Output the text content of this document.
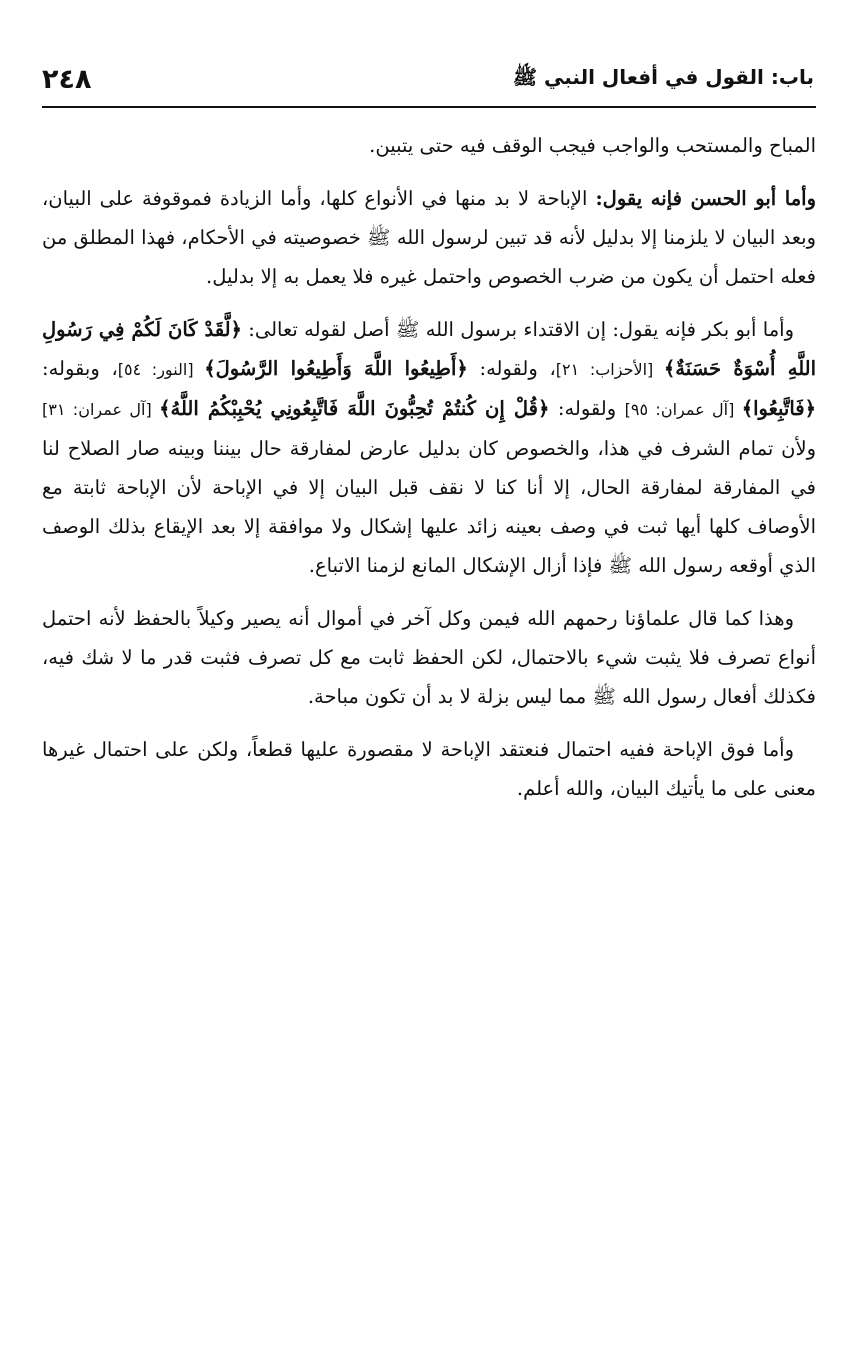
٢٤٨	باب: القول في أفعال النبي ﷺ

المباح والمستحب والواجب فيجب الوقف فيه حتى يتبين.

وأما أبو الحسن فإنه يقول: الإباحة لا بد منها في الأنواع كلها، وأما الزيادة فموقوفة على البيان، وبعد البيان لا يلزمنا إلا بدليل لأنه قد تبين لرسول الله ﷺ خصوصيته في الأحكام، فهذا المطلق من فعله احتمل أن يكون من ضرب الخصوص واحتمل غيره فلا يعمل به إلا بدليل.

وأما أبو بكر فإنه يقول: إن الاقتداء برسول الله ﷺ أصل لقوله تعالى: ﴿لَّقَدْ كَانَ لَكُمْ فِي رَسُولِ اللَّهِ أُسْوَةٌ حَسَنَةٌ﴾ [الأحزاب: ٢١]، ولقوله: ﴿أَطِيعُوا اللَّهَ وَأَطِيعُوا الرَّسُولَ﴾ [النور: ٥٤]، وبقوله: ﴿فَاتَّبِعُوا﴾ [آل عمران: ٩٥] ولقوله: ﴿قُلْ إِن كُنتُمْ تُحِبُّونَ اللَّهَ فَاتَّبِعُونِي يُحْبِبْكُمُ اللَّهُ﴾ [آل عمران: ٣١] ولأن تمام الشرف في هذا، والخصوص كان بدليل عارض لمفارقة حال بيننا وبينه صار الصلاح لنا في المفارقة لمفارقة الحال، إلا أنا كنا لا نقف قبل البيان إلا في الإباحة لأن الإباحة ثابتة مع الأوصاف كلها أيها ثبت في وصف بعينه زائد عليها إشكال ولا موافقة إلا بعد الإيقاع بذلك الوصف الذي أوقعه رسول الله ﷺ فإذا أزال الإشكال المانع لزمنا الاتباع.

وهذا كما قال علماؤنا رحمهم الله فيمن وكل آخر في أموال أنه يصير وكيلاً بالحفظ لأنه احتمل أنواع تصرف فلا يثبت شيء بالاحتمال، لكن الحفظ ثابت مع كل تصرف فثبت قدر ما لا شك فيه، فكذلك أفعال رسول الله ﷺ مما ليس بزلة لا بد أن تكون مباحة.

وأما فوق الإباحة ففيه احتمال فنعتقد الإباحة لا مقصورة عليها قطعاً، ولكن على احتمال غيرها معنى على ما يأتيك البيان، والله أعلم.
